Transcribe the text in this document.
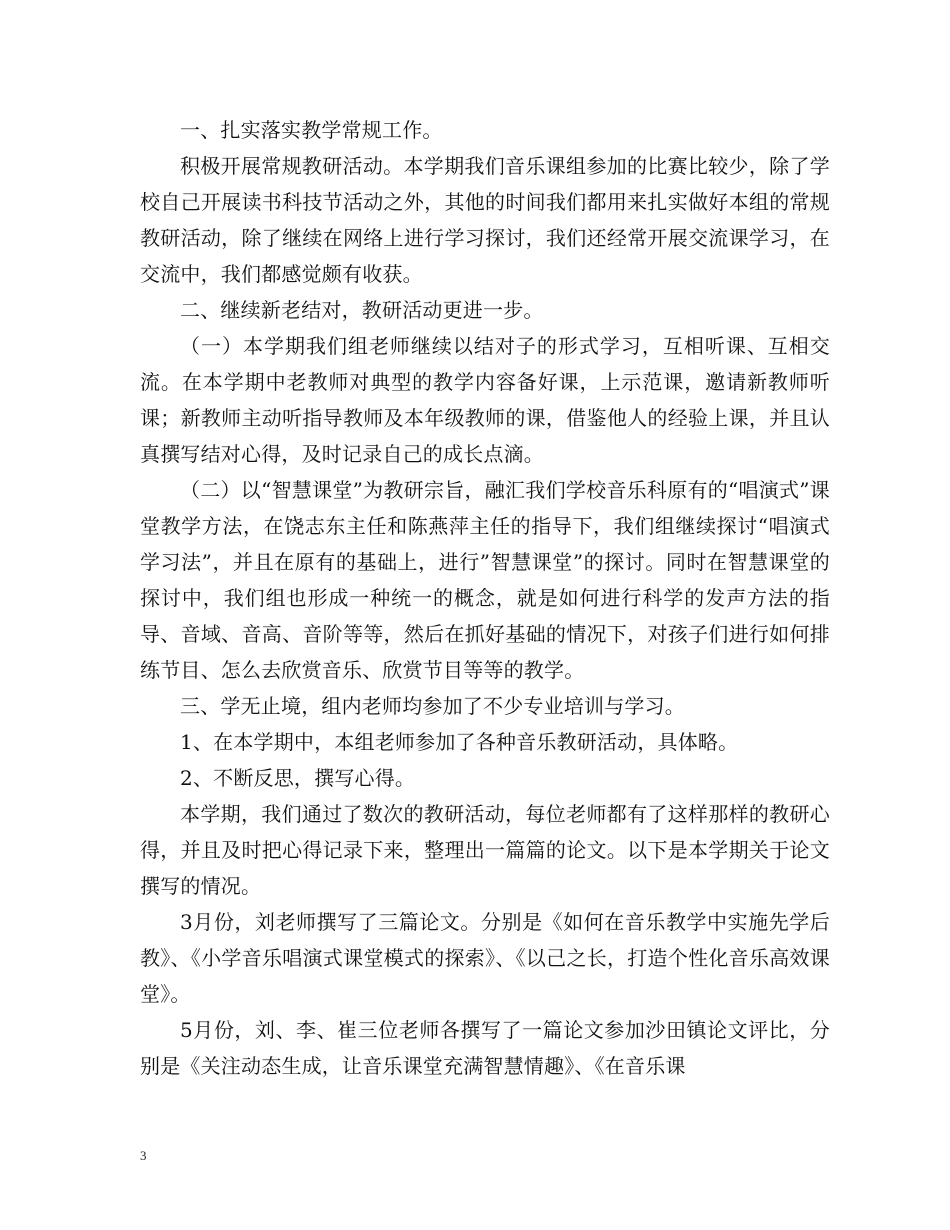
一、扎实落实教学常规工作。

积极开展常规教研活动。本学期我们音乐课组参加的比赛比较少，除了学校自己开展读书科技节活动之外，其他的时间我们都用来扎实做好本组的常规教研活动，除了继续在网络上进行学习探讨，我们还经常开展交流课学习，在交流中，我们都感觉颇有收获。

二、继续新老结对，教研活动更进一步。

（一）本学期我们组老师继续以结对子的形式学习，互相听课、互相交流。在本学期中老教师对典型的教学内容备好课，上示范课，邀请新教师听课；新教师主动听指导教师及本年级教师的课，借鉴他人的经验上课，并且认真撰写结对心得，及时记录自己的成长点滴。

（二）以“智慧课堂”为教研宗旨，融汇我们学校音乐科原有的“唱演式”课堂教学方法，在饶志东主任和陈燕萍主任的指导下，我们组继续探讨“唱演式学习法”，并且在原有的基础上，进行”智慧课堂”的探讨。同时在智慧课堂的探讨中，我们组也形成一种统一的概念，就是如何进行科学的发声方法的指导、音域、音高、音阶等等，然后在抓好基础的情况下，对孩子们进行如何排练节目、怎么去欣赏音乐、欣赏节目等等的教学。

三、学无止境，组内老师均参加了不少专业培训与学习。

1、在本学期中，本组老师参加了各种音乐教研活动，具体略。

2、不断反思，撰写心得。

本学期，我们通过了数次的教研活动，每位老师都有了这样那样的教研心得，并且及时把心得记录下来，整理出一篇篇的论文。以下是本学期关于论文撰写的情况。

3月份，刘老师撰写了三篇论文。分别是《如何在音乐教学中实施先学后教》、《小学音乐唱演式课堂模式的探索》、《以己之长，打造个性化音乐高效课堂》。

5月份，刘、李、崔三位老师各撰写了一篇论文参加沙田镇论文评比，分别是《关注动态生成，让音乐课堂充满智慧情趣》、《在音乐课

3
